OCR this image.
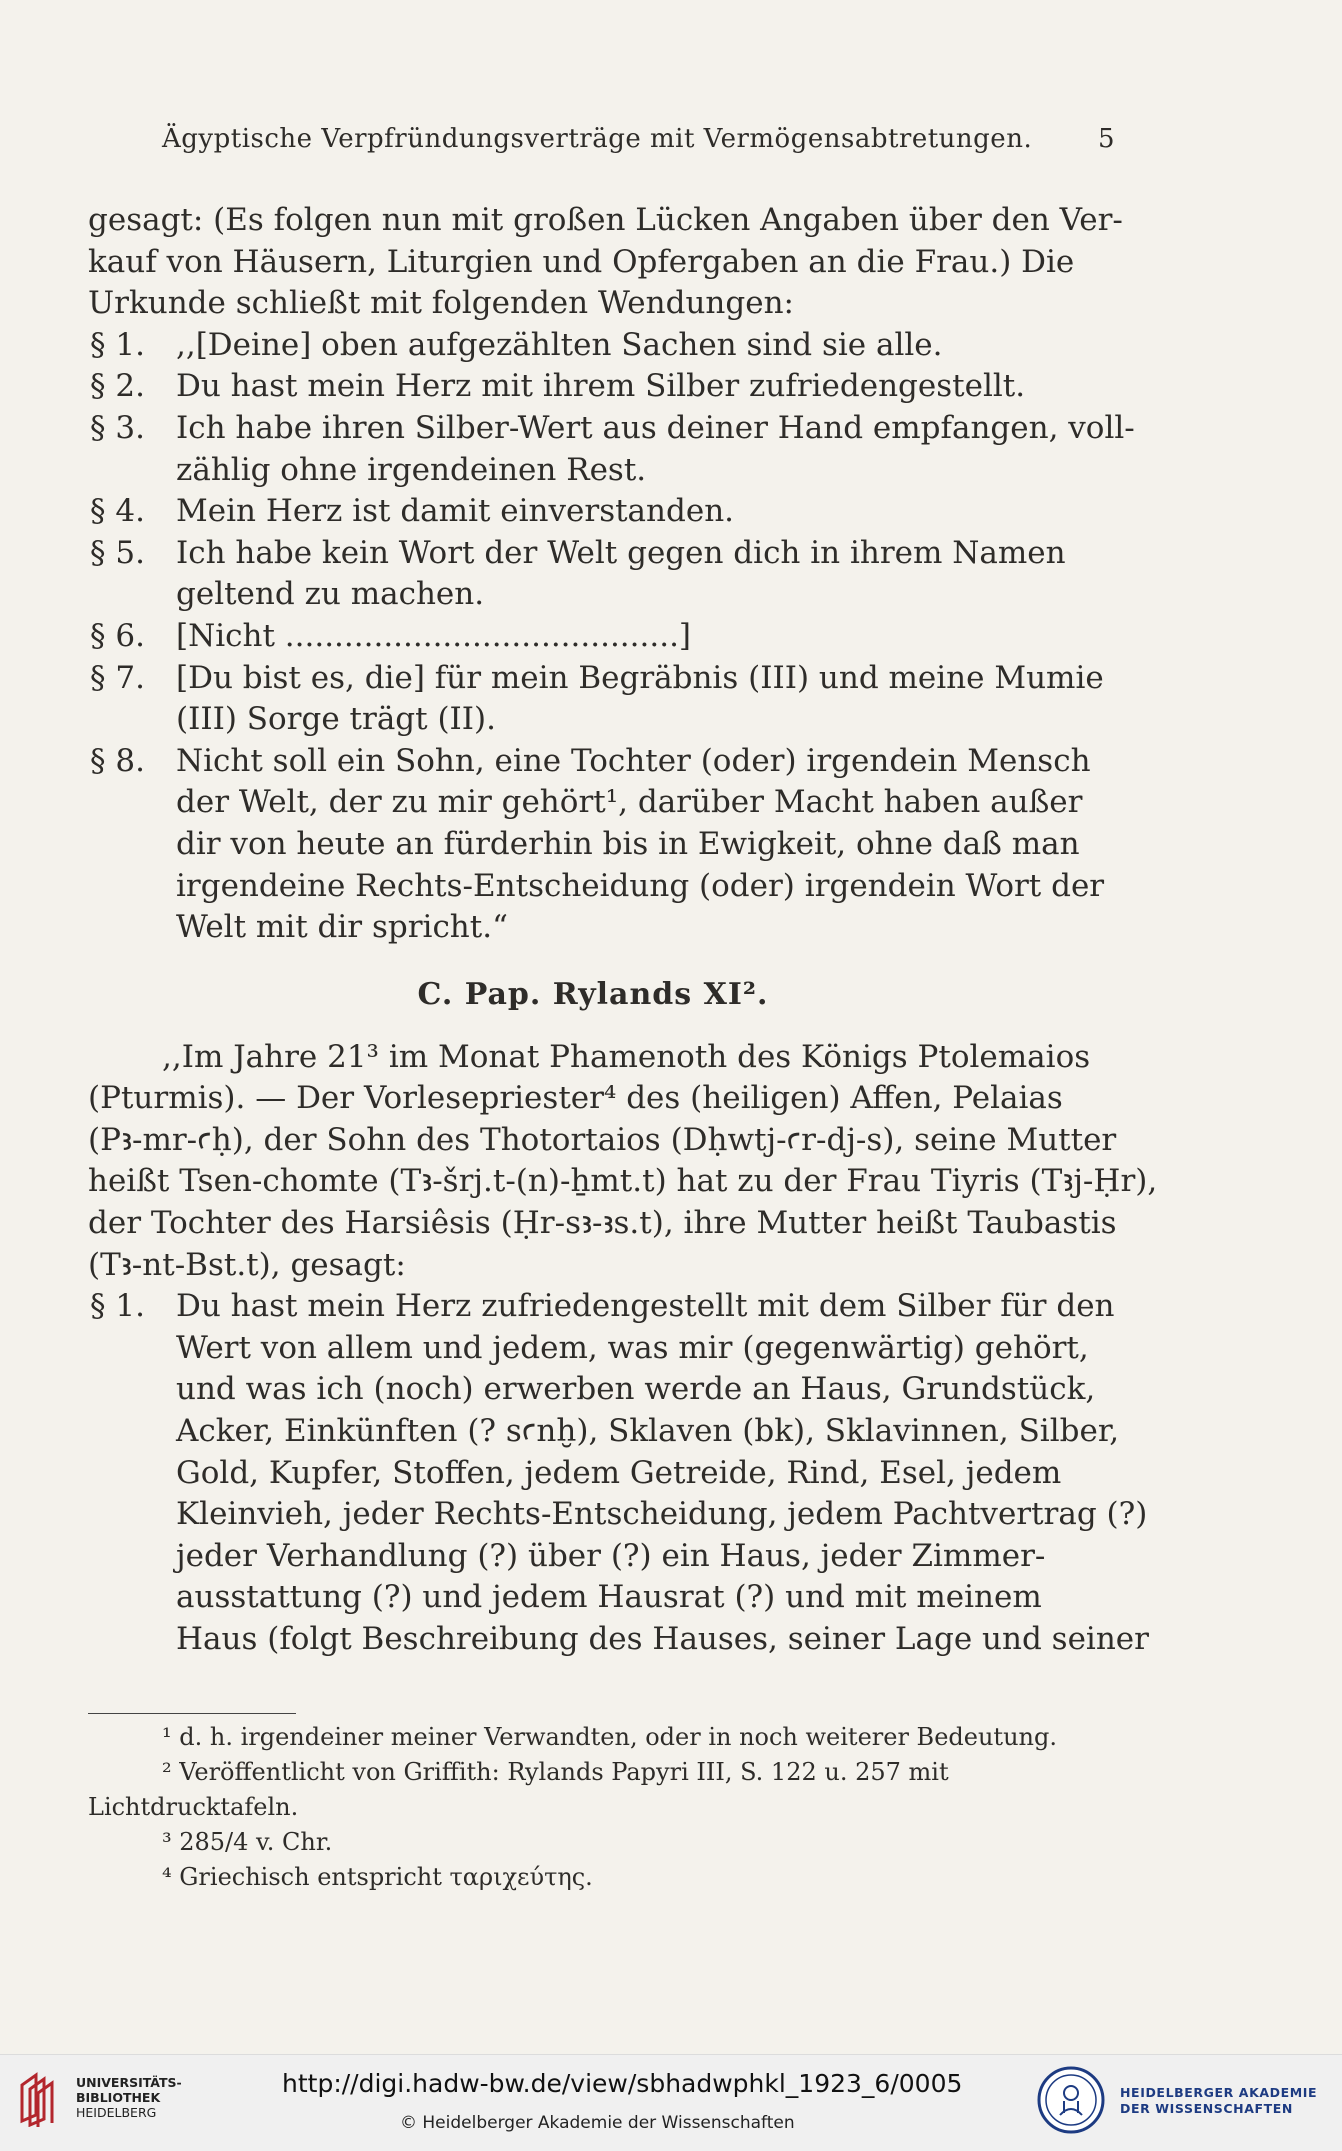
Ägyptische Verpfründungsverträge mit Vermögensabtretungen.	5
gesagt: (Es folgen nun mit großen Lücken Angaben über den Ver-
kauf von Häusern, Liturgien und Opfergaben an die Frau.) Die
Urkunde schließt mit folgenden Wendungen:
§ 1.	,,[Deine] oben aufgezählten Sachen sind sie alle.
§ 2.	Du hast mein Herz mit ihrem Silber zufriedengestellt.
§ 3.	Ich habe ihren Silber-Wert aus deiner Hand empfangen, voll-
zählig ohne irgendeinen Rest.
§ 4.	Mein Herz ist damit einverstanden.
§ 5.	Ich habe kein Wort der Welt gegen dich in ihrem Namen
geltend zu machen.
§ 6.	[Nicht ........................................]
§ 7.	[Du bist es, die] für mein Begräbnis (III) und meine Mumie
(III) Sorge trägt (II).
§ 8.	Nicht soll ein Sohn, eine Tochter (oder) irgendein Mensch
der Welt, der zu mir gehört¹, darüber Macht haben außer
dir von heute an fürderhin bis in Ewigkeit, ohne daß man
irgendeine Rechts-Entscheidung (oder) irgendein Wort der
Welt mit dir spricht.“
C. Pap. Rylands XI².
,,Im Jahre 21³ im Monat Phamenoth des Königs Ptolemaios
(Pturmis). — Der Vorlesepriester⁴ des (heiligen) Affen, Pelaias
(Pꜣ-mr-ꜥḥ), der Sohn des Thotortaios (Dḥwtj-ꜥr-dj-s), seine Mutter
heißt Tsen-chomte (Tꜣ-šrj.t-(n)-ẖmt.t) hat zu der Frau Tiyris (Tꜣj-Ḥr),
der Tochter des Harsiêsis (Ḥr-sꜣ-ꜣs.t), ihre Mutter heißt Taubastis
(Tꜣ-nt-Bst.t), gesagt:
§ 1.	Du hast mein Herz zufriedengestellt mit dem Silber für den
Wert von allem und jedem, was mir (gegenwärtig) gehört,
und was ich (noch) erwerben werde an Haus, Grundstück,
Acker, Einkünften (? sꜥnḫ), Sklaven (bk), Sklavinnen, Silber,
Gold, Kupfer, Stoffen, jedem Getreide, Rind, Esel, jedem
Kleinvieh, jeder Rechts-Entscheidung, jedem Pachtvertrag (?)
jeder Verhandlung (?) über (?) ein Haus, jeder Zimmer-
ausstattung (?) und jedem Hausrat (?) und mit meinem
Haus (folgt Beschreibung des Hauses, seiner Lage und seiner
¹ d. h. irgendeiner meiner Verwandten, oder in noch weiterer Bedeutung.
² Veröffentlicht von Griffith: Rylands Papyri III, S. 122 u. 257 mit
Lichtdrucktafeln.
³ 285/4 v. Chr.
⁴ Griechisch entspricht ταριχεύτης.
UNIVERSITÄTS-
BIBLIOTHEK
HEIDELBERG
http://digi.hadw-bw.de/view/sbhadwphkl_1923_6/0005
© Heidelberger Akademie der Wissenschaften
HEIDELBERGER AKADEMIE
DER WISSENSCHAFTEN
